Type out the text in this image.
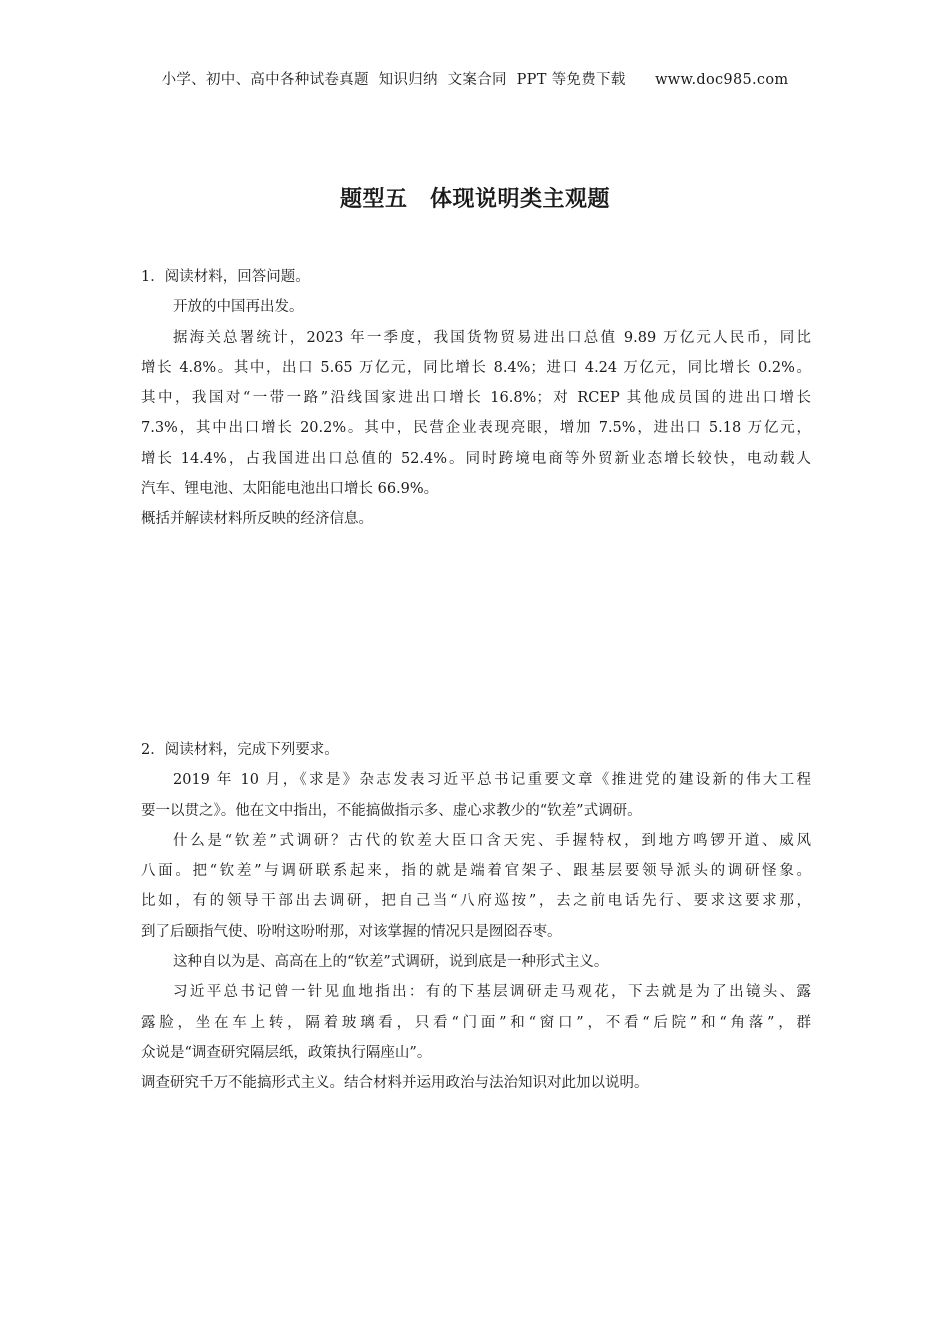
小学、初中、高中各种试卷真题  知识归纳  文案合同  PPT 等免费下载      www.doc985.com
题型五　体现说明类主观题
1．阅读材料，回答问题。
开放的中国再出发。
据海关总署统计，2023 年一季度，我国货物贸易进出口总值 9.89 万亿元人民币，同比
增长 4.8%。其中，出口 5.65 万亿元，同比增长 8.4%；进口 4.24 万亿元，同比增长 0.2%。
其中，我国对“一带一路”沿线国家进出口增长 16.8%；对 RCEP 其他成员国的进出口增长
7.3%，其中出口增长 20.2%。其中，民营企业表现亮眼，增加 7.5%，进出口 5.18 万亿元，
增长 14.4%，占我国进出口总值的 52.4%。同时跨境电商等外贸新业态增长较快，电动载人
汽车、锂电池、太阳能电池出口增长 66.9%。
概括并解读材料所反映的经济信息。
2．阅读材料，完成下列要求。
2019 年 10 月，《求是》杂志发表习近平总书记重要文章《推进党的建设新的伟大工程
要一以贯之》。他在文中指出，不能搞做指示多、虚心求教少的“钦差”式调研。
什么是“钦差”式调研？古代的钦差大臣口含天宪、手握特权，到地方鸣锣开道、威风
八面。把“钦差”与调研联系起来，指的就是端着官架子、跟基层要领导派头的调研怪象。
比如，有的领导干部出去调研，把自己当“八府巡按”，去之前电话先行、要求这要求那，
到了后颐指气使、吩咐这吩咐那，对该掌握的情况只是囫囵吞枣。
这种自以为是、高高在上的“钦差”式调研，说到底是一种形式主义。
习近平总书记曾一针见血地指出：有的下基层调研走马观花，下去就是为了出镜头、露
露脸，坐在车上转，隔着玻璃看，只看“门面”和“窗口”，不看“后院”和“角落”，群
众说是“调查研究隔层纸，政策执行隔座山”。
调查研究千万不能搞形式主义。结合材料并运用政治与法治知识对此加以说明。
